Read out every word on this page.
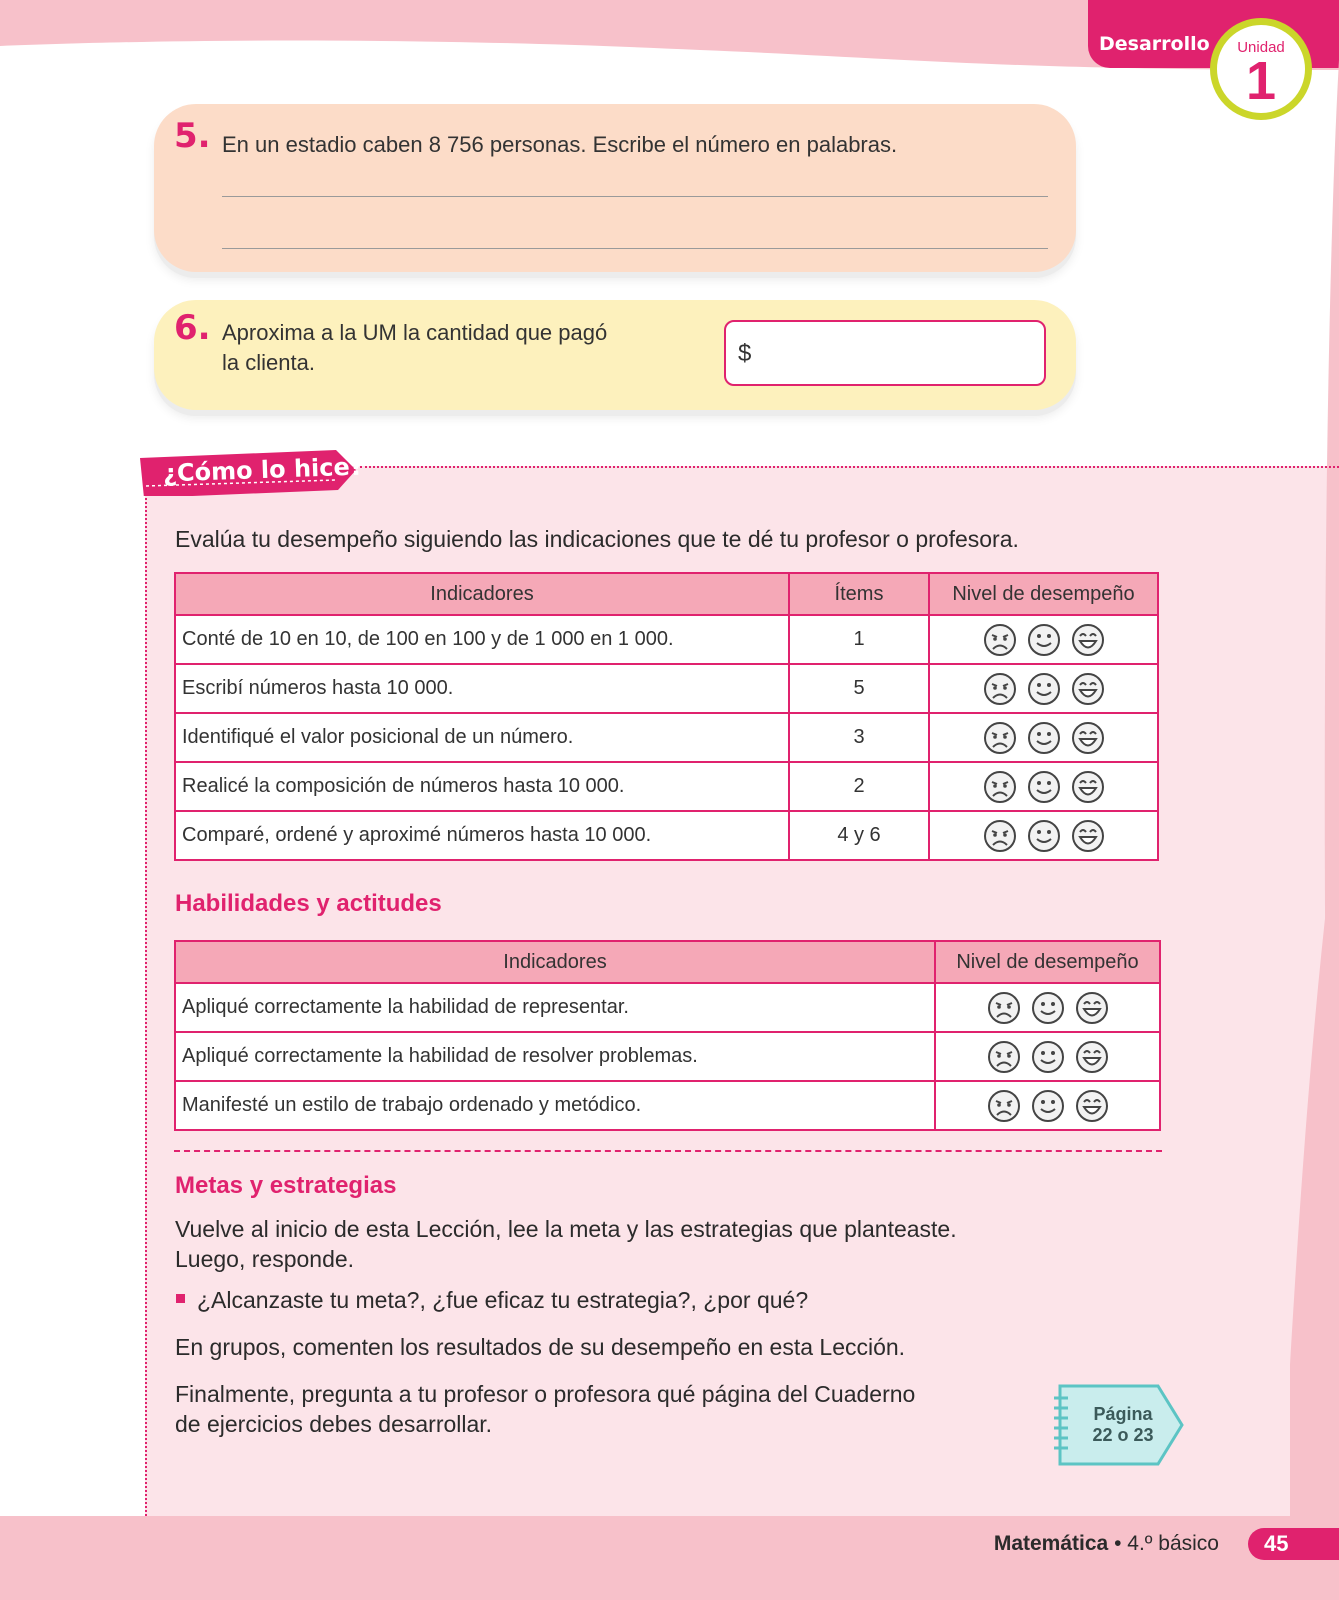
Desarrollo	Unidad
1
5. En un estadio caben 8 756 personas. Escribe el número en palabras.
6. Aproxima a la UM la cantidad que pagó
la clienta.	$
¿Cómo lo hice?
Evalúa tu desempeño siguiendo las indicaciones que te dé tu profesor o profesora.
Indicadores	Ítems	Nivel de desempeño
Conté de 10 en 10, de 100 en 100 y de 1 000 en 1 000.	1	

Escribí números hasta 10 000.	5	

Identifiqué el valor posicional de un número.	3	

Realicé la composición de números hasta 10 000.	2	

Comparé, ordené y aproximé números hasta 10 000.	4 y 6	
Habilidades y actitudes
Indicadores	Nivel de desempeño
Apliqué correctamente la habilidad de representar.	

Apliqué correctamente la habilidad de resolver problemas.	

Manifesté un estilo de trabajo ordenado y metódico.	
Metas y estrategias
Vuelve al inicio de esta Lección, lee la meta y las estrategias que planteaste.
Luego, responde.
¿Alcanzaste tu meta?, ¿fue eficaz tu estrategia?, ¿por qué?
En grupos, comenten los resultados de su desempeño en esta Lección.
Finalmente, pregunta a tu profesor o profesora qué página del Cuaderno
de ejercicios debes desarrollar.	Página
22 o 23
Matemática • 4.º básico	45
